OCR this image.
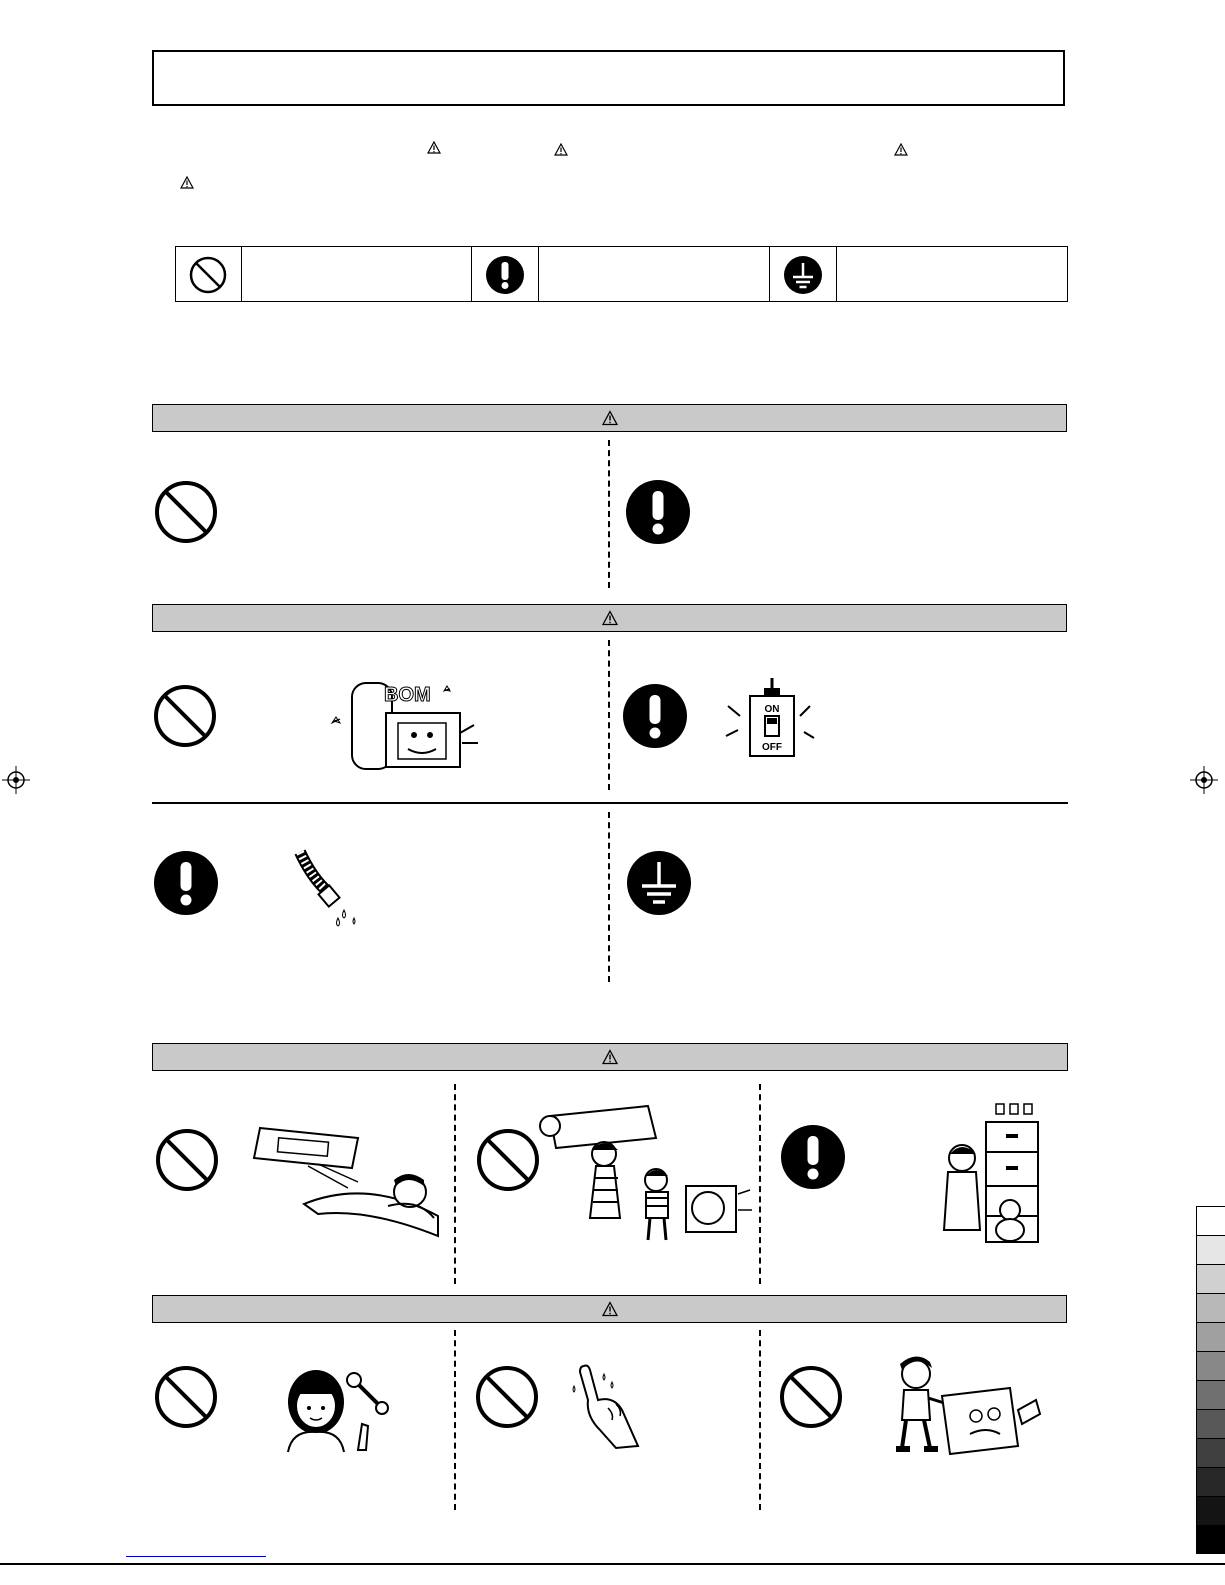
BOM
ON
OFF
